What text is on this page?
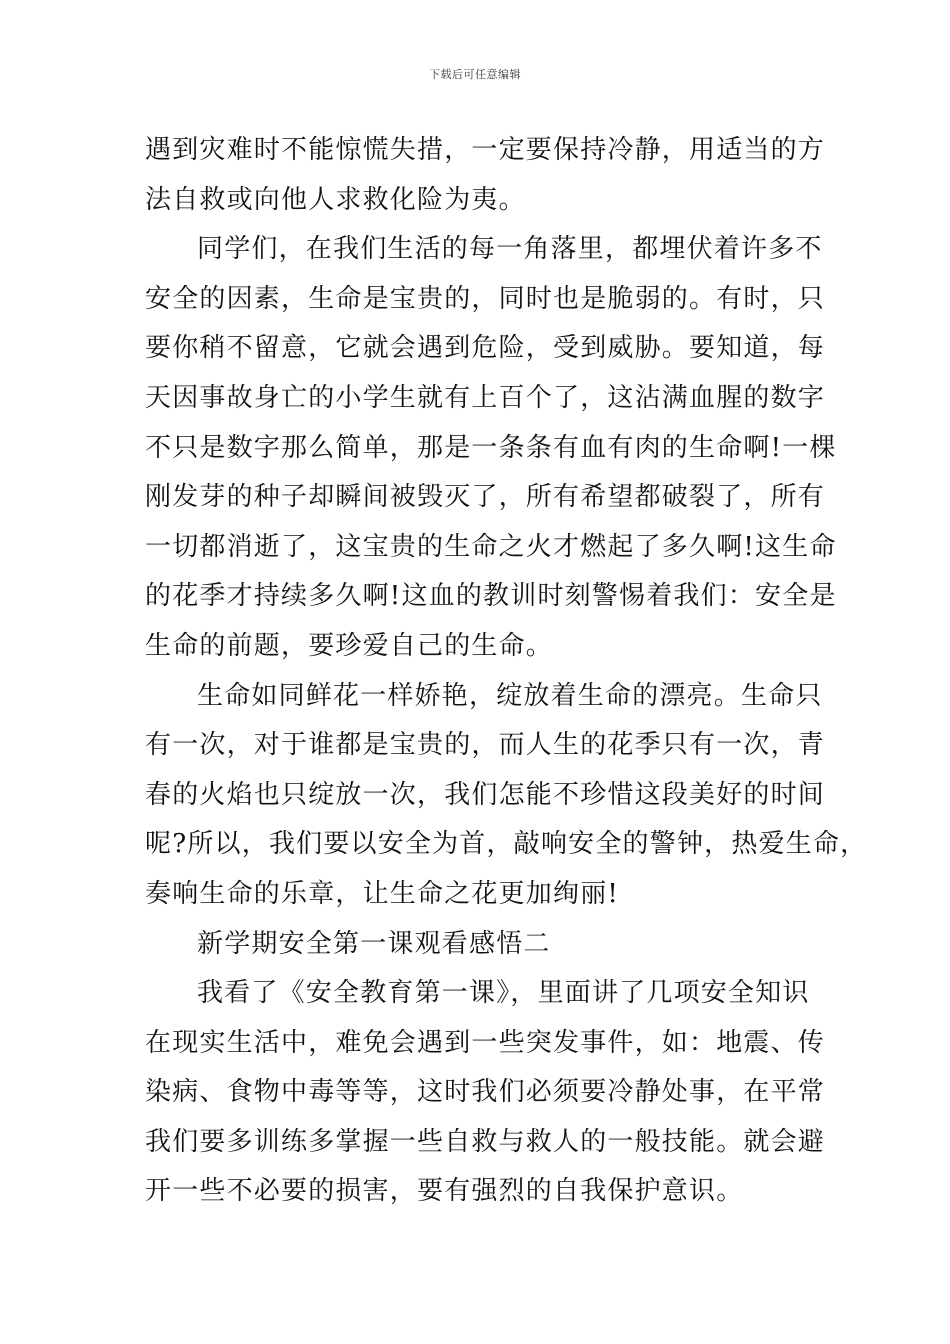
下载后可任意编辑
遇到灾难时不能惊慌失措，一定要保持冷静，用适当的方
法自救或向他人求救化险为夷。
同学们，在我们生活的每一角落里，都埋伏着许多不
安全的因素，生命是宝贵的，同时也是脆弱的。有时，只
要你稍不留意，它就会遇到危险，受到威胁。要知道，每
天因事故身亡的小学生就有上百个了，这沾满血腥的数字
不只是数字那么简单，那是一条条有血有肉的生命啊!一棵
刚发芽的种子却瞬间被毁灭了，所有希望都破裂了，所有
一切都消逝了，这宝贵的生命之火才燃起了多久啊!这生命
的花季才持续多久啊!这血的教训时刻警惕着我们：安全是
生命的前题，要珍爱自己的生命。
生命如同鲜花一样娇艳，绽放着生命的漂亮。生命只
有一次，对于谁都是宝贵的，而人生的花季只有一次，青
春的火焰也只绽放一次，我们怎能不珍惜这段美好的时间
呢?所以，我们要以安全为首，敲响安全的警钟，热爱生命，
奏响生命的乐章，让生命之花更加绚丽!
新学期安全第一课观看感悟二
我看了《安全教育第一课》，里面讲了几项安全知识
在现实生活中，难免会遇到一些突发事件，如：地震、传
染病、食物中毒等等，这时我们必须要冷静处事，在平常
我们要多训练多掌握一些自救与救人的一般技能。就会避
开一些不必要的损害，要有强烈的自我保护意识。
